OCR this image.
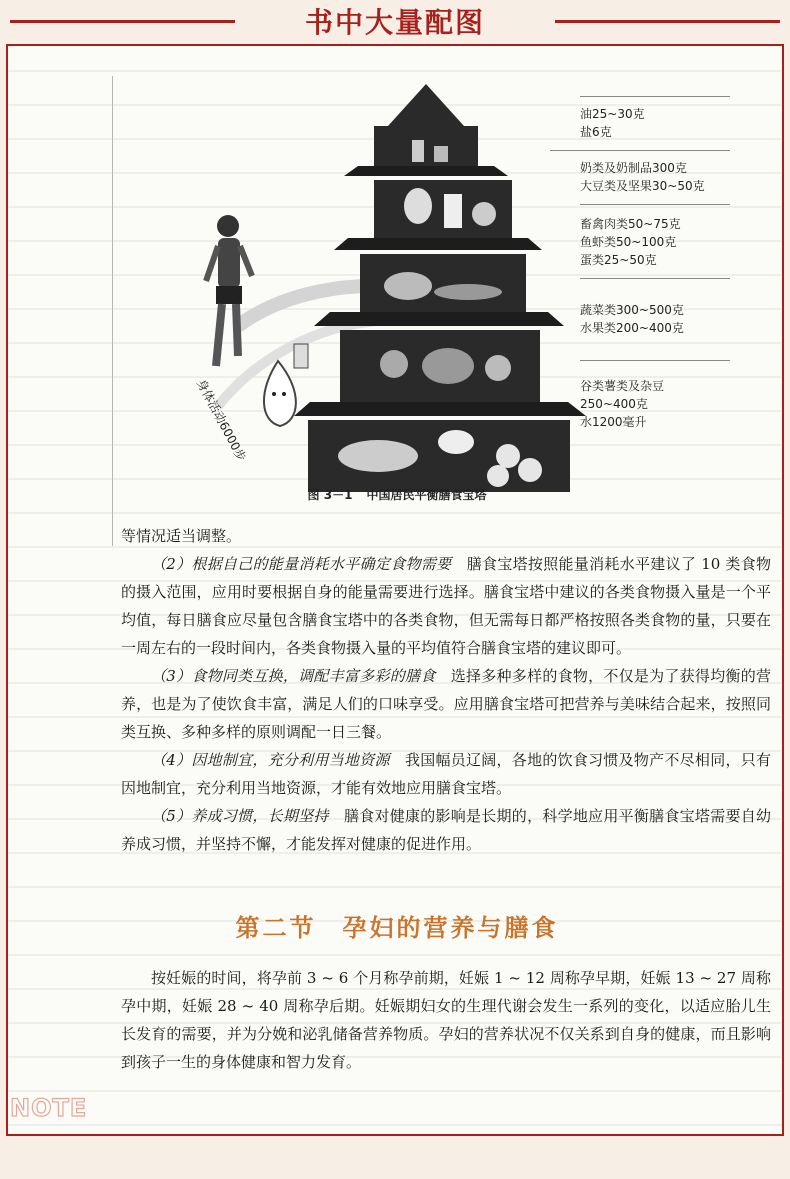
书中大量配图
身体活动6000步
油25~30克
盐6克
奶类及奶制品300克
大豆类及坚果30~50克
畜禽肉类50~75克
鱼虾类50~100克
蛋类25~50克
蔬菜类300~500克
水果类200~400克
谷类薯类及杂豆
250~400克
水1200毫升
图 3－1 中国居民平衡膳食宝塔

等情况适当调整。

（2）根据自己的能量消耗水平确定食物需要　 膳食宝塔按照能量消耗水平建议了 10 类食物的摄入范围，应用时要根据自身的能量需要进行选择。膳食宝塔中建议的各类食物摄入量是一个平均值，每日膳食应尽量包含膳食宝塔中的各类食物，但无需每日都严格按照各类食物的量，只要在一周左右的一段时间内，各类食物摄入量的平均值符合膳食宝塔的建议即可。

（3）食物同类互换，调配丰富多彩的膳食　 选择多种多样的食物，不仅是为了获得均衡的营养，也是为了使饮食丰富，满足人们的口味享受。应用膳食宝塔可把营养与美味结合起来，按照同类互换、多种多样的原则调配一日三餐。

（4）因地制宜，充分利用当地资源　 我国幅员辽阔，各地的饮食习惯及物产不尽相同，只有因地制宜，充分利用当地资源，才能有效地应用膳食宝塔。

（5）养成习惯，长期坚持　 膳食对健康的影响是长期的，科学地应用平衡膳食宝塔需要自幼养成习惯，并坚持不懈，才能发挥对健康的促进作用。

第二节 孕妇的营养与膳食

按妊娠的时间，将孕前 3 ~ 6 个月称孕前期，妊娠 1 ~ 12 周称孕早期，妊娠 13 ~ 27 周称孕中期，妊娠 28 ~ 40 周称孕后期。妊娠期妇女的生理代谢会发生一系列的变化，以适应胎儿生长发育的需要，并为分娩和泌乳储备营养物质。孕妇的营养状况不仅关系到自身的健康，而且影响到孩子一生的身体健康和智力发育。

NOTE
